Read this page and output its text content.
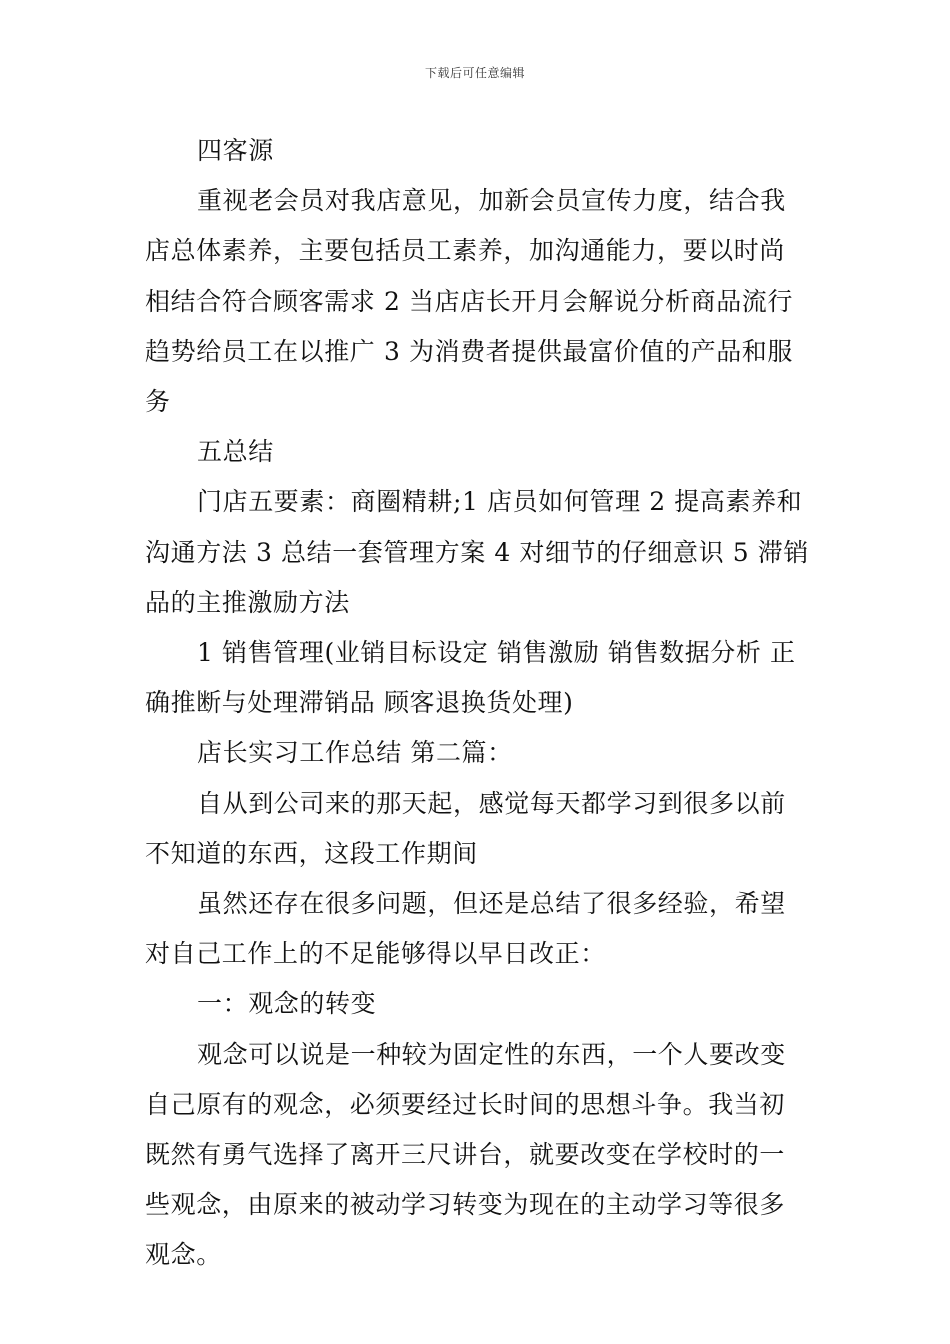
下载后可任意编辑

四客源

重视老会员对我店意见，加新会员宣传力度，结合我店总体素养，主要包括员工素养，加沟通能力，要以时尚相结合符合顾客需求 2 当店店长开月会解说分析商品流行趋势给员工在以推广 3 为消费者提供最富价值的产品和服务

五总结

门店五要素：商圈精耕;1 店员如何管理 2 提高素养和沟通方法 3 总结一套管理方案 4 对细节的仔细意识 5 滞销品的主推激励方法

1 销售管理(业销目标设定 销售激励 销售数据分析 正确推断与处理滞销品 顾客退换货处理)

店长实习工作总结 第二篇：

自从到公司来的那天起，感觉每天都学习到很多以前不知道的东西，这段工作期间

虽然还存在很多问题，但还是总结了很多经验，希望对自己工作上的不足能够得以早日改正：

一：观念的转变

观念可以说是一种较为固定性的东西，一个人要改变自己原有的观念，必须要经过长时间的思想斗争。我当初既然有勇气选择了离开三尺讲台，就要改变在学校时的一些观念，由原来的被动学习转变为现在的主动学习等很多观念。
